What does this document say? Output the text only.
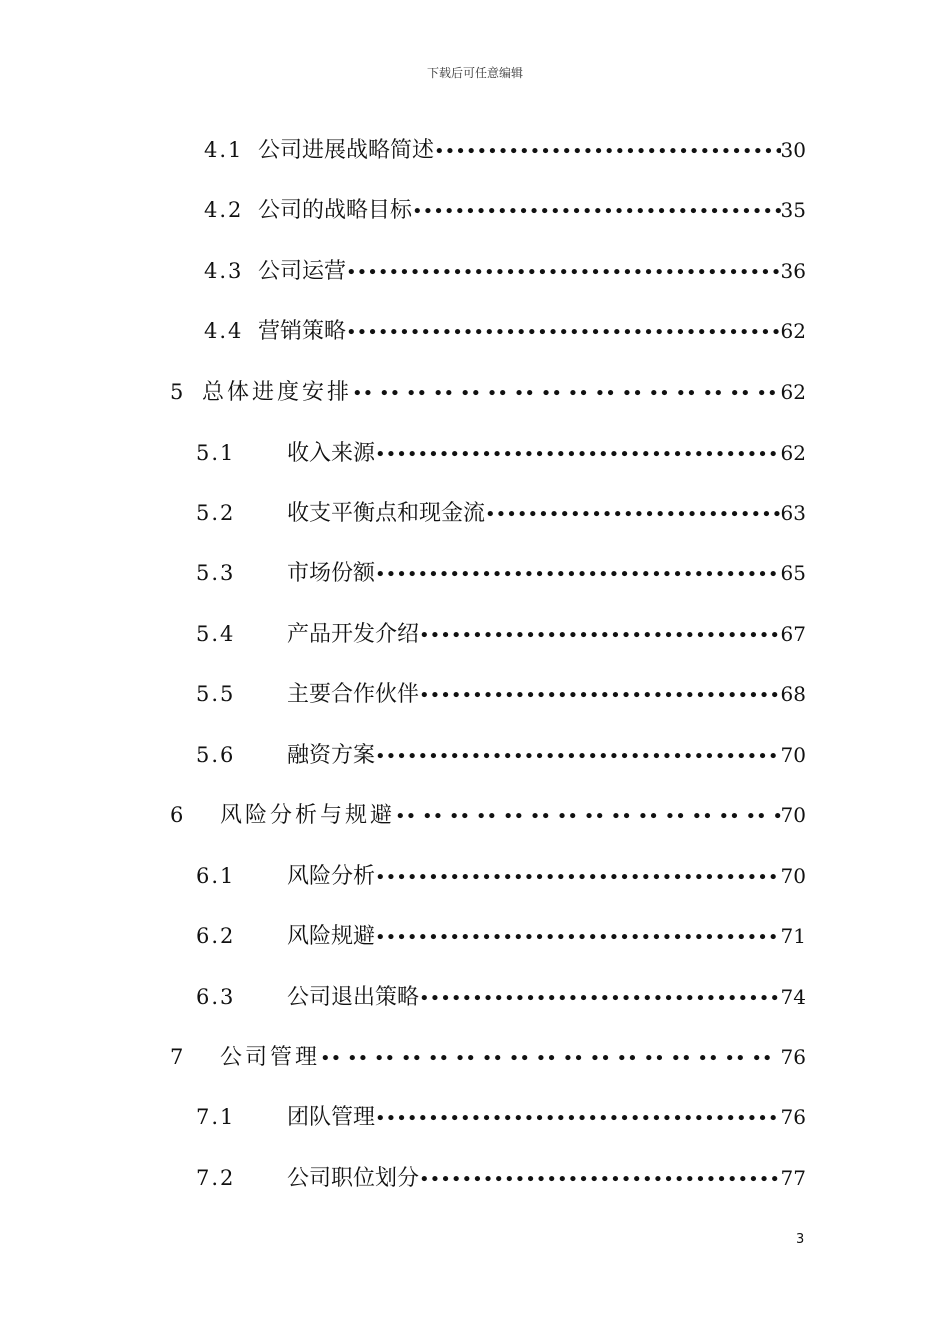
下载后可任意编辑
4.1 公司进展战略简述 •••••	30
4.2 公司的战略目标 •••••	35
4.3 公司运营 •••••	36
4.4 营销策略 •••••	62
5 总体进度安排 •• ••	62
5.1 收入来源 •••••	62
5.2 收支平衡点和现金流 •••••	63
5.3 市场份额 •••••	65
5.4 产品开发介绍 •••••	67
5.5 主要合作伙伴 •••••	68
5.6 融资方案 •••••	70
6 风险分析与规避 •• ••	70
6.1 风险分析 •••••	70
6.2 风险规避 •••••	71
6.3 公司退出策略 •••••	74
7 公司管理 •• ••	76
7.1 团队管理 •••••	76
7.2 公司职位划分 •••••	77
3
